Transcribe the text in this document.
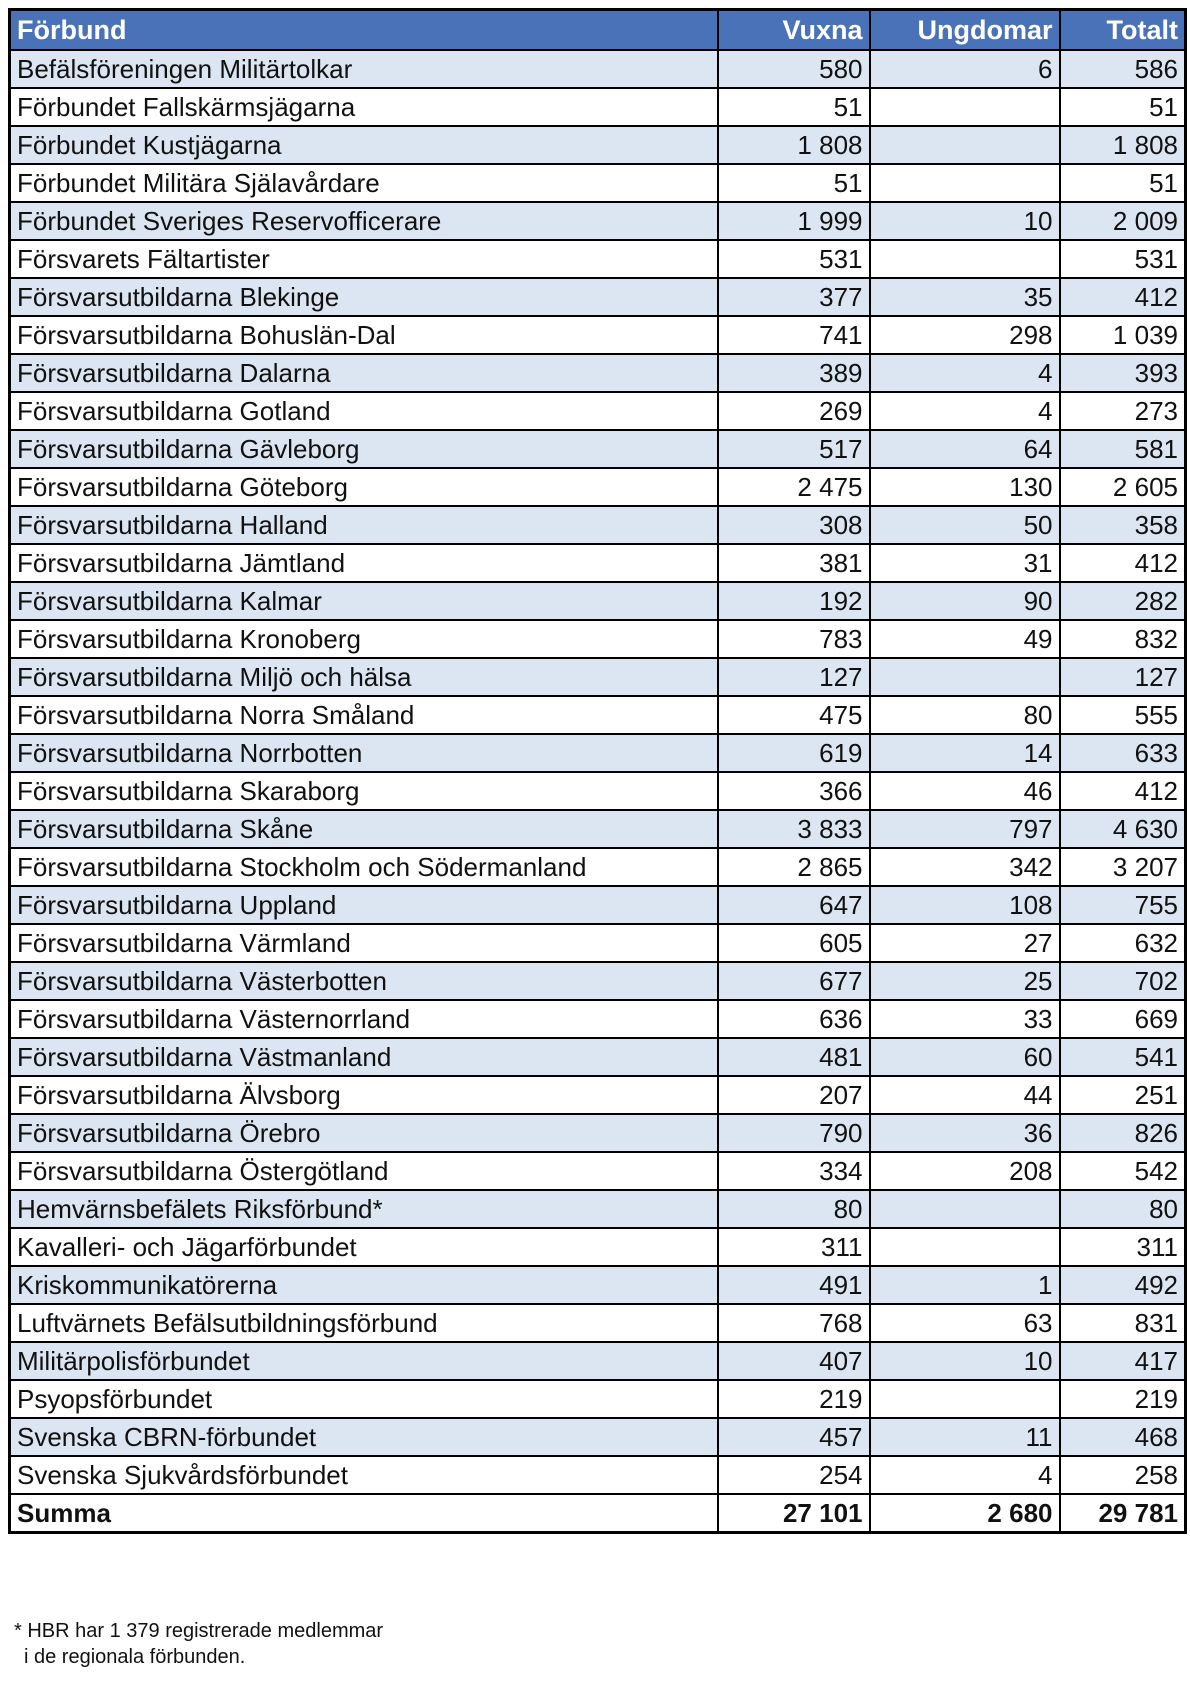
Förbund	Vuxna	Ungdomar	Totalt
Befälsföreningen Militärtolkar	580	6	586
Förbundet Fallskärmsjägarna	51		51
Förbundet Kustjägarna	1 808		1 808
Förbundet Militära Själavårdare	51		51
Förbundet Sveriges Reservofficerare	1 999	10	2 009
Försvarets Fältartister	531		531
Försvarsutbildarna Blekinge	377	35	412
Försvarsutbildarna Bohuslän-Dal	741	298	1 039
Försvarsutbildarna Dalarna	389	4	393
Försvarsutbildarna Gotland	269	4	273
Försvarsutbildarna Gävleborg	517	64	581
Försvarsutbildarna Göteborg	2 475	130	2 605
Försvarsutbildarna Halland	308	50	358
Försvarsutbildarna Jämtland	381	31	412
Försvarsutbildarna Kalmar	192	90	282
Försvarsutbildarna Kronoberg	783	49	832
Försvarsutbildarna Miljö och hälsa	127		127
Försvarsutbildarna Norra Småland	475	80	555
Försvarsutbildarna Norrbotten	619	14	633
Försvarsutbildarna Skaraborg	366	46	412
Försvarsutbildarna Skåne	3 833	797	4 630
Försvarsutbildarna Stockholm och Södermanland	2 865	342	3 207
Försvarsutbildarna Uppland	647	108	755
Försvarsutbildarna Värmland	605	27	632
Försvarsutbildarna Västerbotten	677	25	702
Försvarsutbildarna Västernorrland	636	33	669
Försvarsutbildarna Västmanland	481	60	541
Försvarsutbildarna Älvsborg	207	44	251
Försvarsutbildarna Örebro	790	36	826
Försvarsutbildarna Östergötland	334	208	542
Hemvärnsbefälets Riksförbund*	80		80
Kavalleri- och Jägarförbundet	311		311
Kriskommunikatörerna	491	1	492
Luftvärnets Befälsutbildningsförbund	768	63	831
Militärpolisförbundet	407	10	417
Psyopsförbundet	219		219
Svenska CBRN-förbundet	457	11	468
Svenska Sjukvårdsförbundet	254	4	258
Summa	27 101	2 680	29 781
* HBR har 1 379 registrerade medlemmar
i de regionala förbunden.
